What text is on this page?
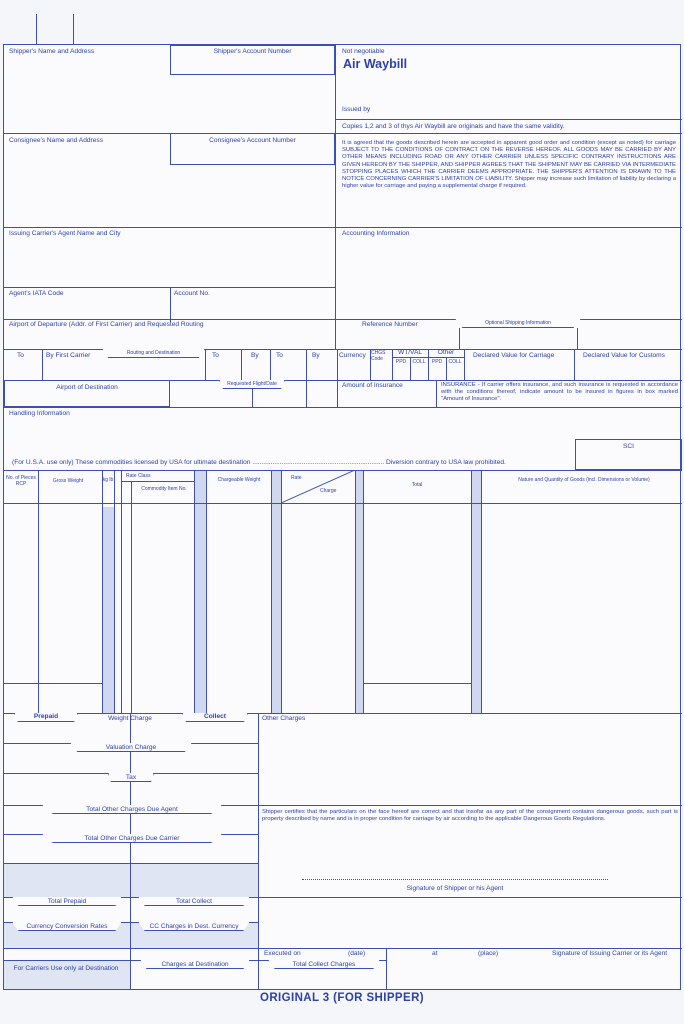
Shipper's Name and Address	Shipper's Account Number	Not negotiable
Air Waybill
Issued by
Copies 1,2 and 3 of thys Air Waybill are originals and have the same validity.
Consignee's Name and Address	Consignee's Account Number	It is agreed that the goods described herein are accepted in apparent good order and condition (except as noted) for carriage SUBJECT TO THE CONDITIONS OF CONTRACT ON THE REVERSE HEREOF. ALL GOODS MAY BE CARRIED BY ANY OTHER MEANS INCLUDING ROAD OR ANY OTHER CARRIER UNLESS SPECIFIC CONTRARY INSTRUCTIONS ARE GIVEN HEREON BY THE SHIPPER, AND SHIPPER AGREES THAT THE SHIPMENT MAY BE CARRIED VIA INTERMEDIATE STOPPING PLACES WHICH THE CARRIER DEEMS APPROPRIATE. THE SHIPPER'S ATTENTION IS DRAWN TO THE NOTICE CONCERNING CARRIER'S LIMITATION OF LIABILITY. Shipper may increase such limitation of liability by declaring a higher value for carriage and paying a supplemental charge if required.
Issuing Carrier's Agent Name and City	Accounting Information
Agent's IATA Code	Account No.
Airport of Departure (Addr. of First Carrier) and Requested Routing	Reference Number	Optional Shipping Information
To	By First Carrier	Routing and Destination	To	By	To	By	Currency CHGS Code
WT/VAL	Other
PPD	COLL	PPD	COLL
Declared Value for Carriage	Declared Value for Customs
Airport of Destination	Requested Flight/Date	Amount of Insurance	INSURANCE - If carrier offers insurance, and such insurance is requested in accordance with the conditions thereof, indicate amount to be insured in figures in box marked "Amount of Insurance".
Handling Information
SCI
(For U.S.A. use only) These commodities licensed by USA for ultimate destination ........................................................................ Diversion contrary to USA law prohibited.
No. of Pieces RCP	Gross Weight	kg lb
Rate Class
Commodity Item No.
Chargeable Weight	Rate
Charge
Total
Nature and Quantity of Goods (incl. Dimensions or Volume)
Prepaid	Weight Charge	Collect	Other Charges
Valuation Charge
Tax
Total Other Charges Due Agent	Shipper certifies that the particulars on the face hereof are correct and that insofar as any part of the consignment contains dangerous goods, such part is property described by name and is in proper condition for carriage by air according to the applicable Dangerous Goods Regulations.
Total Other Charges Due Carrier
Signature of Shipper or his Agent
Total Prepaid	Total Collect
Currency Conversion Rates	CC Charges in Dest. Currency
Executed on	(date)	at	(place)	Signature of Issuing Carrier or its Agent
For Carriers Use only at Destination
Charges at Destination	Total Collect Charges
ORIGINAL 3 (FOR SHIPPER)
